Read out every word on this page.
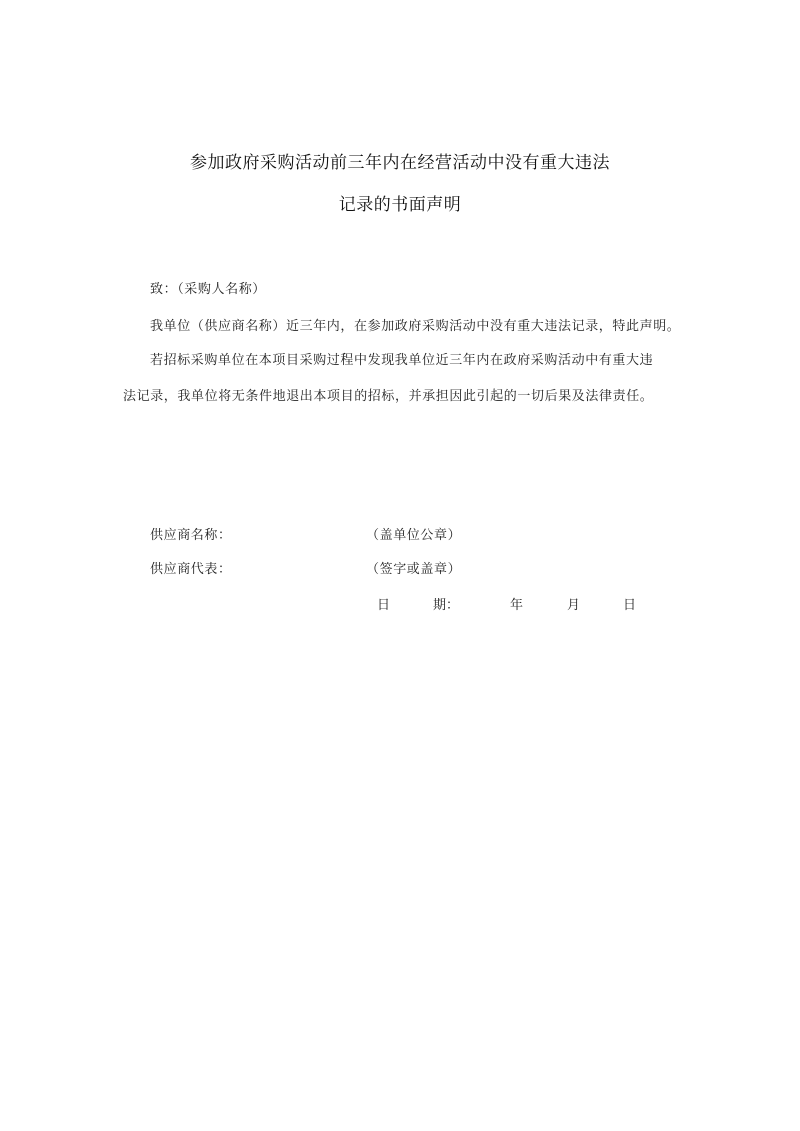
参加政府采购活动前三年内在经营活动中没有重大违法
记录的书面声明
致：（采购人名称）
我单位（供应商名称）近三年内，在参加政府采购活动中没有重大违法记录，特此声明。
若招标采购单位在本项目采购过程中发现我单位近三年内在政府采购活动中有重大违
法记录，我单位将无条件地退出本项目的招标，并承担因此引起的一切后果及法律责任。
供应商名称：	（盖单位公章）
供应商代表：	（签字或盖章）
日	期：	年	月	日
